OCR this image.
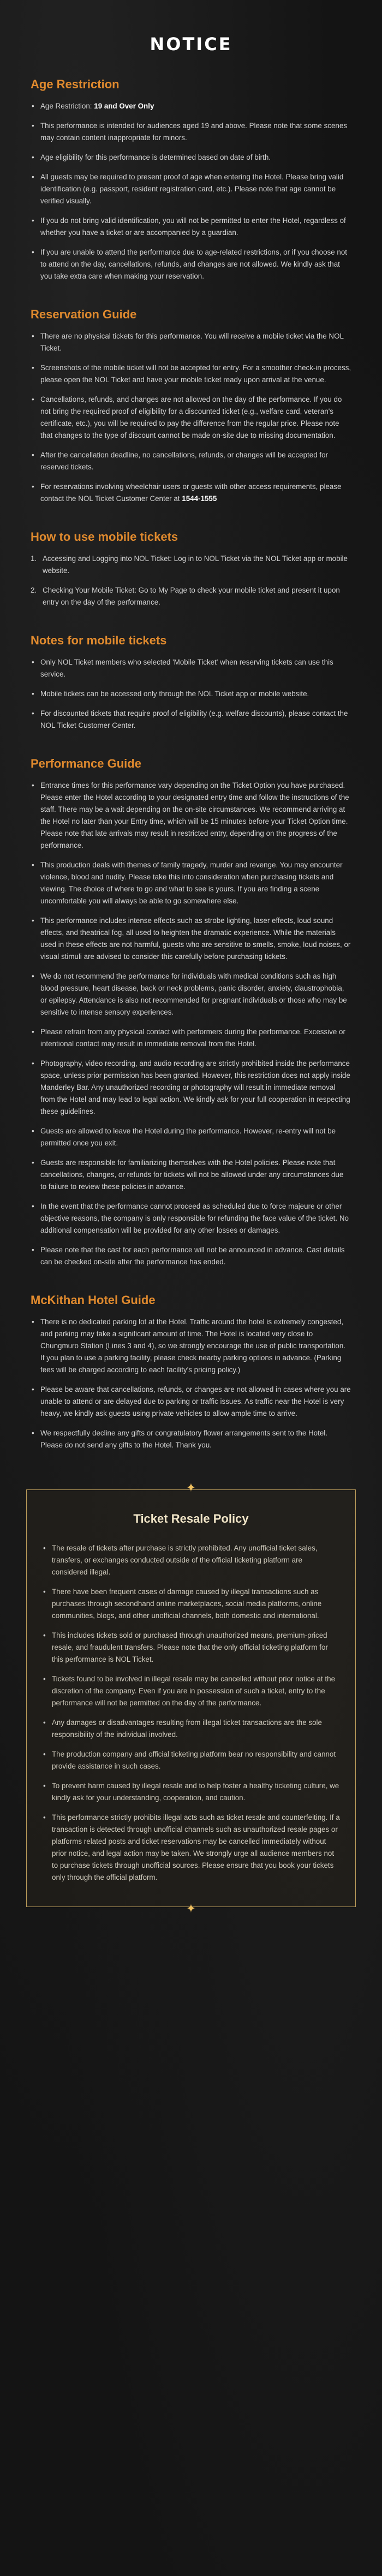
NOTICE
Age Restriction
• Age Restriction: 19 and Over Only
• This performance is intended for audiences aged 19 and above. Please note that some scenes may contain content inappropriate for minors.
• Age eligibility for this performance is determined based on date of birth.
• All guests may be required to present proof of age when entering the Hotel. Please bring valid identification (e.g. passport, resident registration card, etc.). Please note that age cannot be verified visually.
• If you do not bring valid identification, you will not be permitted to enter the Hotel, regardless of whether you have a ticket or are accompanied by a guardian.
• If you are unable to attend the performance due to age-related restrictions, or if you choose not to attend on the day, cancellations, refunds, and changes are not allowed. We kindly ask that you take extra care when making your reservation.
Reservation Guide
• There are no physical tickets for this performance. You will receive a mobile ticket via the NOL Ticket.
• Screenshots of the mobile ticket will not be accepted for entry. For a smoother check-in process, please open the NOL Ticket and have your mobile ticket ready upon arrival at the venue.
• Cancellations, refunds, and changes are not allowed on the day of the performance. If you do not bring the required proof of eligibility for a discounted ticket (e.g., welfare card, veteran's certificate, etc.), you will be required to pay the difference from the regular price. Please note that changes to the type of discount cannot be made on-site due to missing documentation.
• After the cancellation deadline, no cancellations, refunds, or changes will be accepted for reserved tickets.
• For reservations involving wheelchair users or guests with other access requirements, please contact the NOL Ticket Customer Center at 1544-1555
How to use mobile tickets
1. Accessing and Logging into NOL Ticket: Log in to NOL Ticket via the NOL Ticket app or mobile website.
2. Checking Your Mobile Ticket: Go to My Page to check your mobile ticket and present it upon entry on the day of the performance.
Notes for mobile tickets
• Only NOL Ticket members who selected 'Mobile Ticket' when reserving tickets can use this service.
• Mobile tickets can be accessed only through the NOL Ticket app or mobile website.
• For discounted tickets that require proof of eligibility (e.g. welfare discounts), please contact the NOL Ticket Customer Center.
Performance Guide
• Entrance times for this performance vary depending on the Ticket Option you have purchased. Please enter the Hotel according to your designated entry time and follow the instructions of the staff. There may be a wait depending on the on-site circumstances. We recommend arriving at the Hotel no later than your Entry time, which will be 15 minutes before your Ticket Option time. Please note that late arrivals may result in restricted entry, depending on the progress of the performance.
• This production deals with themes of family tragedy, murder and revenge. You may encounter violence, blood and nudity. Please take this into consideration when purchasing tickets and viewing. The choice of where to go and what to see is yours. If you are finding a scene uncomfortable you will always be able to go somewhere else.
• This performance includes intense effects such as strobe lighting, laser effects, loud sound effects, and theatrical fog, all used to heighten the dramatic experience. While the materials used in these effects are not harmful, guests who are sensitive to smells, smoke, loud noises, or visual stimuli are advised to consider this carefully before purchasing tickets.
• We do not recommend the performance for individuals with medical conditions such as high blood pressure, heart disease, back or neck problems, panic disorder, anxiety, claustrophobia, or epilepsy. Attendance is also not recommended for pregnant individuals or those who may be sensitive to intense sensory experiences.
• Please refrain from any physical contact with performers during the performance. Excessive or intentional contact may result in immediate removal from the Hotel.
• Photography, video recording, and audio recording are strictly prohibited inside the performance space, unless prior permission has been granted. However, this restriction does not apply inside Manderley Bar. Any unauthorized recording or photography will result in immediate removal from the Hotel and may lead to legal action. We kindly ask for your full cooperation in respecting these guidelines.
• Guests are allowed to leave the Hotel during the performance. However, re-entry will not be permitted once you exit.
• Guests are responsible for familiarizing themselves with the Hotel policies. Please note that cancellations, changes, or refunds for tickets will not be allowed under any circumstances due to failure to review these policies in advance.
• In the event that the performance cannot proceed as scheduled due to force majeure or other objective reasons, the company is only responsible for refunding the face value of the ticket. No additional compensation will be provided for any other losses or damages.
• Please note that the cast for each performance will not be announced in advance. Cast details can be checked on-site after the performance has ended.
McKithan Hotel Guide
• There is no dedicated parking lot at the Hotel. Traffic around the hotel is extremely congested, and parking may take a significant amount of time. The Hotel is located very close to Chungmuro Station (Lines 3 and 4), so we strongly encourage the use of public transportation. If you plan to use a parking facility, please check nearby parking options in advance. (Parking fees will be charged according to each facility's pricing policy.)
• Please be aware that cancellations, refunds, or changes are not allowed in cases where you are unable to attend or are delayed due to parking or traffic issues. As traffic near the Hotel is very heavy, we kindly ask guests using private vehicles to allow ample time to arrive.
• We respectfully decline any gifts or congratulatory flower arrangements sent to the Hotel. Please do not send any gifts to the Hotel. Thank you.
✦
Ticket Resale Policy
• The resale of tickets after purchase is strictly prohibited. Any unofficial ticket sales, transfers, or exchanges conducted outside of the official ticketing platform are considered illegal.
• There have been frequent cases of damage caused by illegal transactions such as purchases through secondhand online marketplaces, social media platforms, online communities, blogs, and other unofficial channels, both domestic and international.
• This includes tickets sold or purchased through unauthorized means, premium-priced resale, and fraudulent transfers. Please note that the only official ticketing platform for this performance is NOL Ticket.
• Tickets found to be involved in illegal resale may be cancelled without prior notice at the discretion of the company. Even if you are in possession of such a ticket, entry to the performance will not be permitted on the day of the performance.
• Any damages or disadvantages resulting from illegal ticket transactions are the sole responsibility of the individual involved.
• The production company and official ticketing platform bear no responsibility and cannot provide assistance in such cases.
• To prevent harm caused by illegal resale and to help foster a healthy ticketing culture, we kindly ask for your understanding, cooperation, and caution.
• This performance strictly prohibits illegal acts such as ticket resale and counterfeiting. If a transaction is detected through unofficial channels such as unauthorized resale pages or platforms related posts and ticket reservations may be cancelled immediately without prior notice, and legal action may be taken. We strongly urge all audience members not to purchase tickets through unofficial sources. Please ensure that you book your tickets only through the official platform.
✦
